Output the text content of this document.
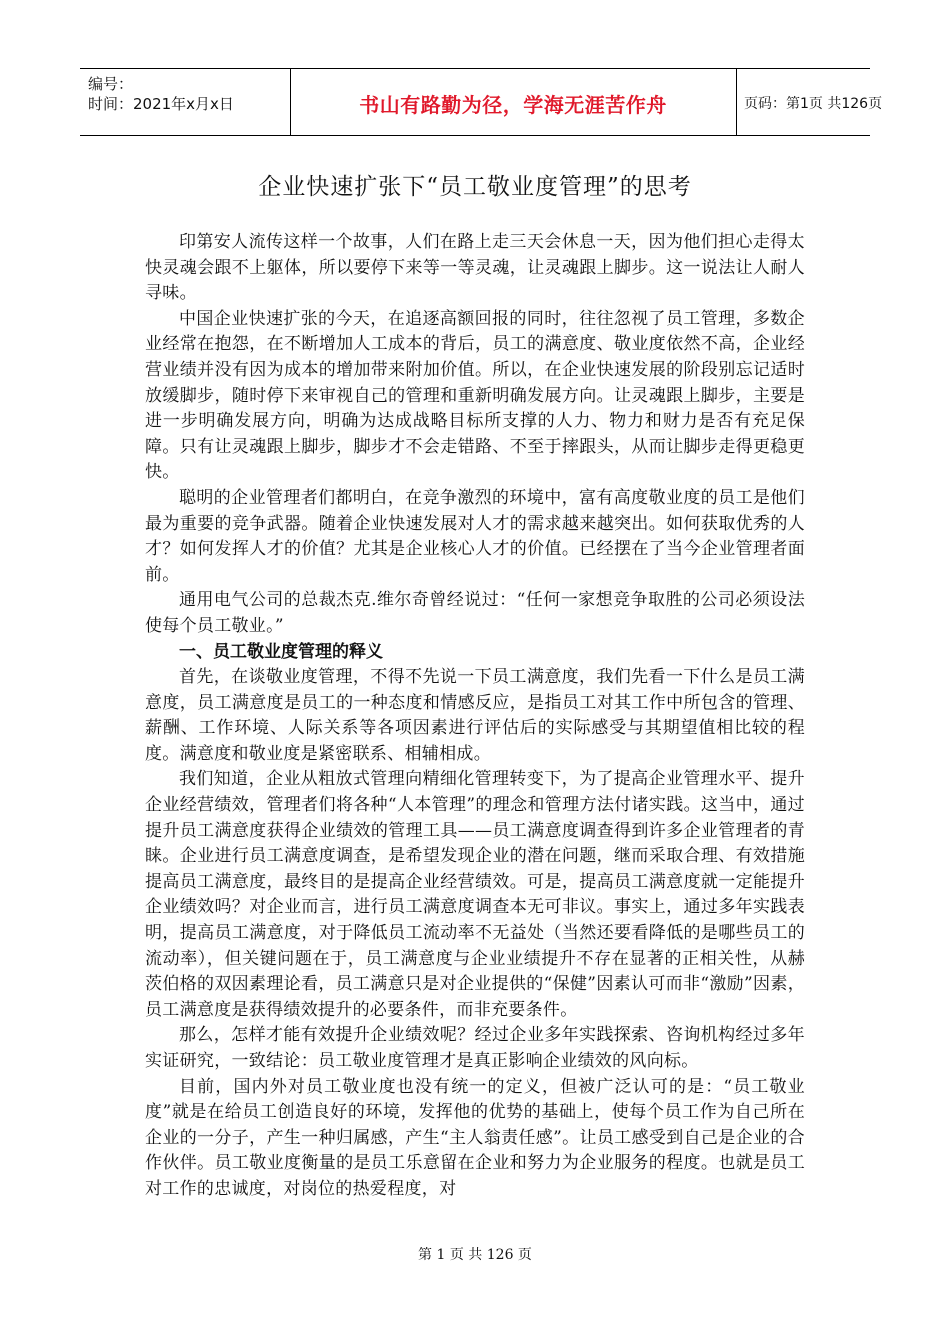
编号：
时间：2021年x月x日	书山有路勤为径，学海无涯苦作舟	页码：第1页 共126页
企业快速扩张下“员工敬业度管理”的思考

印第安人流传这样一个故事，人们在路上走三天会休息一天，因为他们担心走得太快灵魂会跟不上躯体，所以要停下来等一等灵魂，让灵魂跟上脚步。这一说法让人耐人寻味。

中国企业快速扩张的今天，在追逐高额回报的同时，往往忽视了员工管理，多数企业经常在抱怨，在不断增加人工成本的背后，员工的满意度、敬业度依然不高，企业经营业绩并没有因为成本的增加带来附加价值。所以，在企业快速发展的阶段别忘记适时放缓脚步，随时停下来审视自己的管理和重新明确发展方向。让灵魂跟上脚步，主要是进一步明确发展方向，明确为达成战略目标所支撑的人力、物力和财力是否有充足保障。只有让灵魂跟上脚步，脚步才不会走错路、不至于摔跟头，从而让脚步走得更稳更快。

聪明的企业管理者们都明白，在竞争激烈的环境中，富有高度敬业度的员工是他们最为重要的竞争武器。随着企业快速发展对人才的需求越来越突出。如何获取优秀的人才？如何发挥人才的价值？尤其是企业核心人才的价值。已经摆在了当今企业管理者面前。

通用电气公司的总裁杰克.维尔奇曾经说过：“任何一家想竞争取胜的公司必须设法使每个员工敬业。”

一、员工敬业度管理的释义

首先，在谈敬业度管理，不得不先说一下员工满意度，我们先看一下什么是员工满意度，员工满意度是员工的一种态度和情感反应，是指员工对其工作中所包含的管理、薪酬、工作环境、人际关系等各项因素进行评估后的实际感受与其期望值相比较的程度。满意度和敬业度是紧密联系、相辅相成。

我们知道，企业从粗放式管理向精细化管理转变下，为了提高企业管理水平、提升企业经营绩效，管理者们将各种“人本管理”的理念和管理方法付诸实践。这当中，通过提升员工满意度获得企业绩效的管理工具——员工满意度调查得到许多企业管理者的青睐。企业进行员工满意度调查，是希望发现企业的潜在问题，继而采取合理、有效措施提高员工满意度，最终目的是提高企业经营绩效。可是，提高员工满意度就一定能提升企业绩效吗？对企业而言，进行员工满意度调查本无可非议。事实上，通过多年实践表明，提高员工满意度，对于降低员工流动率不无益处（当然还要看降低的是哪些员工的流动率），但关键问题在于，员工满意度与企业业绩提升不存在显著的正相关性，从赫茨伯格的双因素理论看，员工满意只是对企业提供的“保健”因素认可而非“激励”因素，员工满意度是获得绩效提升的必要条件，而非充要条件。

那么，怎样才能有效提升企业绩效呢？经过企业多年实践探索、咨询机构经过多年实证研究，一致结论：员工敬业度管理才是真正影响企业绩效的风向标。

目前，国内外对员工敬业度也没有统一的定义，但被广泛认可的是：“员工敬业度”就是在给员工创造良好的环境，发挥他的优势的基础上，使每个员工作为自己所在企业的一分子，产生一种归属感，产生“主人翁责任感”。让员工感受到自己是企业的合作伙伴。员工敬业度衡量的是员工乐意留在企业和努力为企业服务的程度。也就是员工对工作的忠诚度，对岗位的热爱程度，对

第 1 页 共 126 页
